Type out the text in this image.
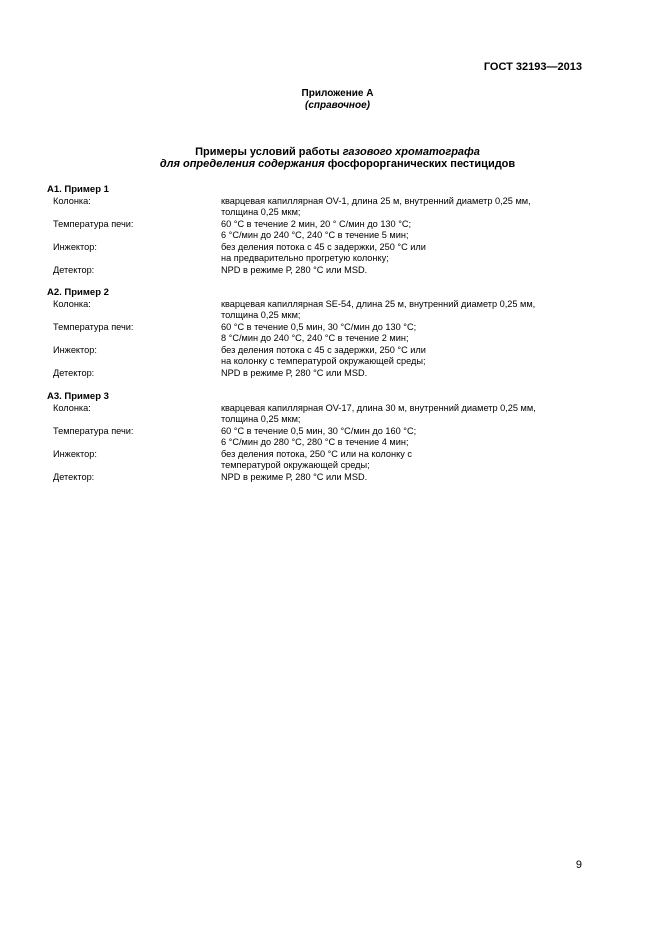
ГОСТ 32193—2013
Приложение А
(справочное)
Примеры условий работы газового хроматографа
для определения содержания фосфорорганических пестицидов
А1. Пример 1
Колонка:	кварцевая капиллярная OV-1, длина 25 м, внутренний диаметр 0,25 мм,
толщина 0,25 мкм;
Температура печи:	60 °С в течение 2 мин, 20 ° С/мин до 130 °С;
6 °С/мин до 240 °С, 240 °С в течение 5 мин;
Инжектор:	без деления потока с 45 с задержки, 250 °С или
на предварительно прогретую колонку;
Детектор:	NPD в режиме Р, 280 °С или MSD.
А2. Пример 2
Колонка:	кварцевая капиллярная SE-54, длина 25 м, внутренний диаметр 0,25 мм,
толщина 0,25 мкм;
Температура печи:	60 °С в течение 0,5 мин, 30 °С/мин до 130 °С;
8 °С/мин до 240 °С, 240 °С в течение 2 мин;
Инжектор:	без деления потока с 45 с задержки, 250 °С или
на колонку с температурой окружающей среды;
Детектор:	NPD в режиме Р, 280 °С или MSD.
А3. Пример 3
Колонка:	кварцевая капиллярная OV-17, длина 30 м, внутренний диаметр 0,25 мм,
толщина 0,25 мкм;
Температура печи:	60 °С в течение 0,5 мин, 30 °С/мин до 160 °С;
6 °С/мин до 280 °С, 280 °С в течение 4 мин;
Инжектор:	без деления потока, 250 °С или на колонку с
температурой окружающей среды;
Детектор:	NPD в режиме Р, 280 °С или MSD.
9
